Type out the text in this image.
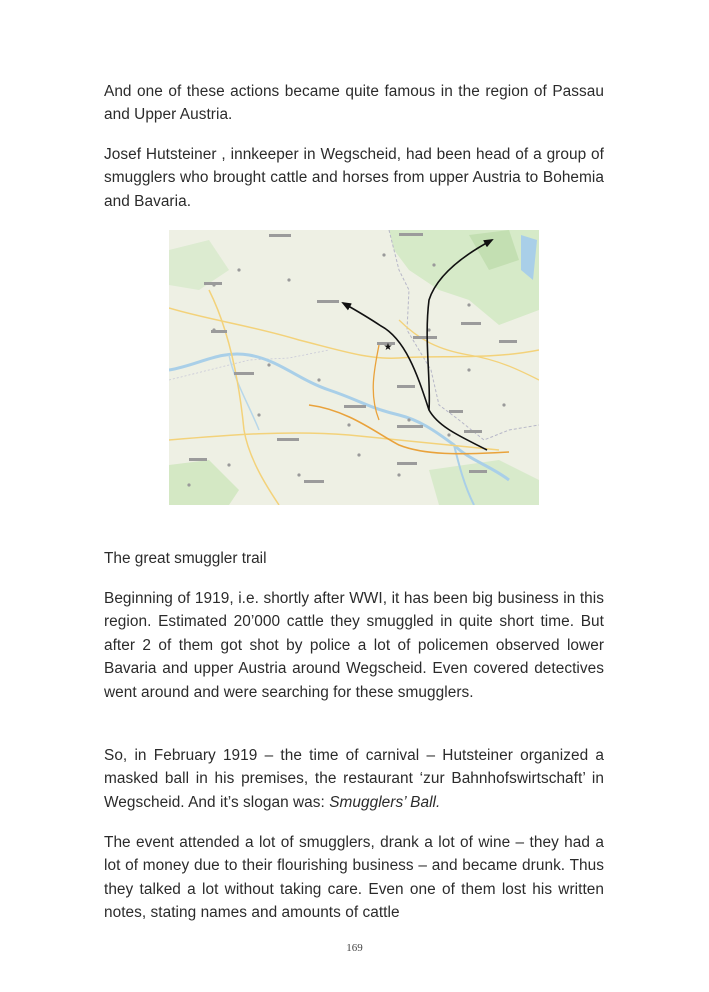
And one of these actions became quite famous in the region of Passau and Upper Austria.

Josef Hutsteiner , innkeeper in Wegscheid, had been head of a group of smugglers who brought cattle and horses from upper Austria to Bohemia and Bavaria.

★

The great smuggler trail

Beginning of 1919, i.e. shortly after WWI, it has been big business in this region. Estimated 20’000 cattle they smuggled in quite short time. But after 2 of them got shot by police a lot of policemen observed lower Bavaria and upper Austria around Wegscheid. Even covered detectives went around and were searching for these smugglers.

So, in February 1919 – the time of carnival – Hutsteiner organized a masked ball in his premises, the restaurant ‘zur Bahnhofswirtschaft’ in Wegscheid. And it’s slogan was: Smugglers’ Ball.

The event attended a lot of smugglers, drank a lot of wine – they had a lot of money due to their flourishing business – and became drunk. Thus they talked a lot without taking care. Even one of them lost his written notes, stating names and amounts of cattle

169
